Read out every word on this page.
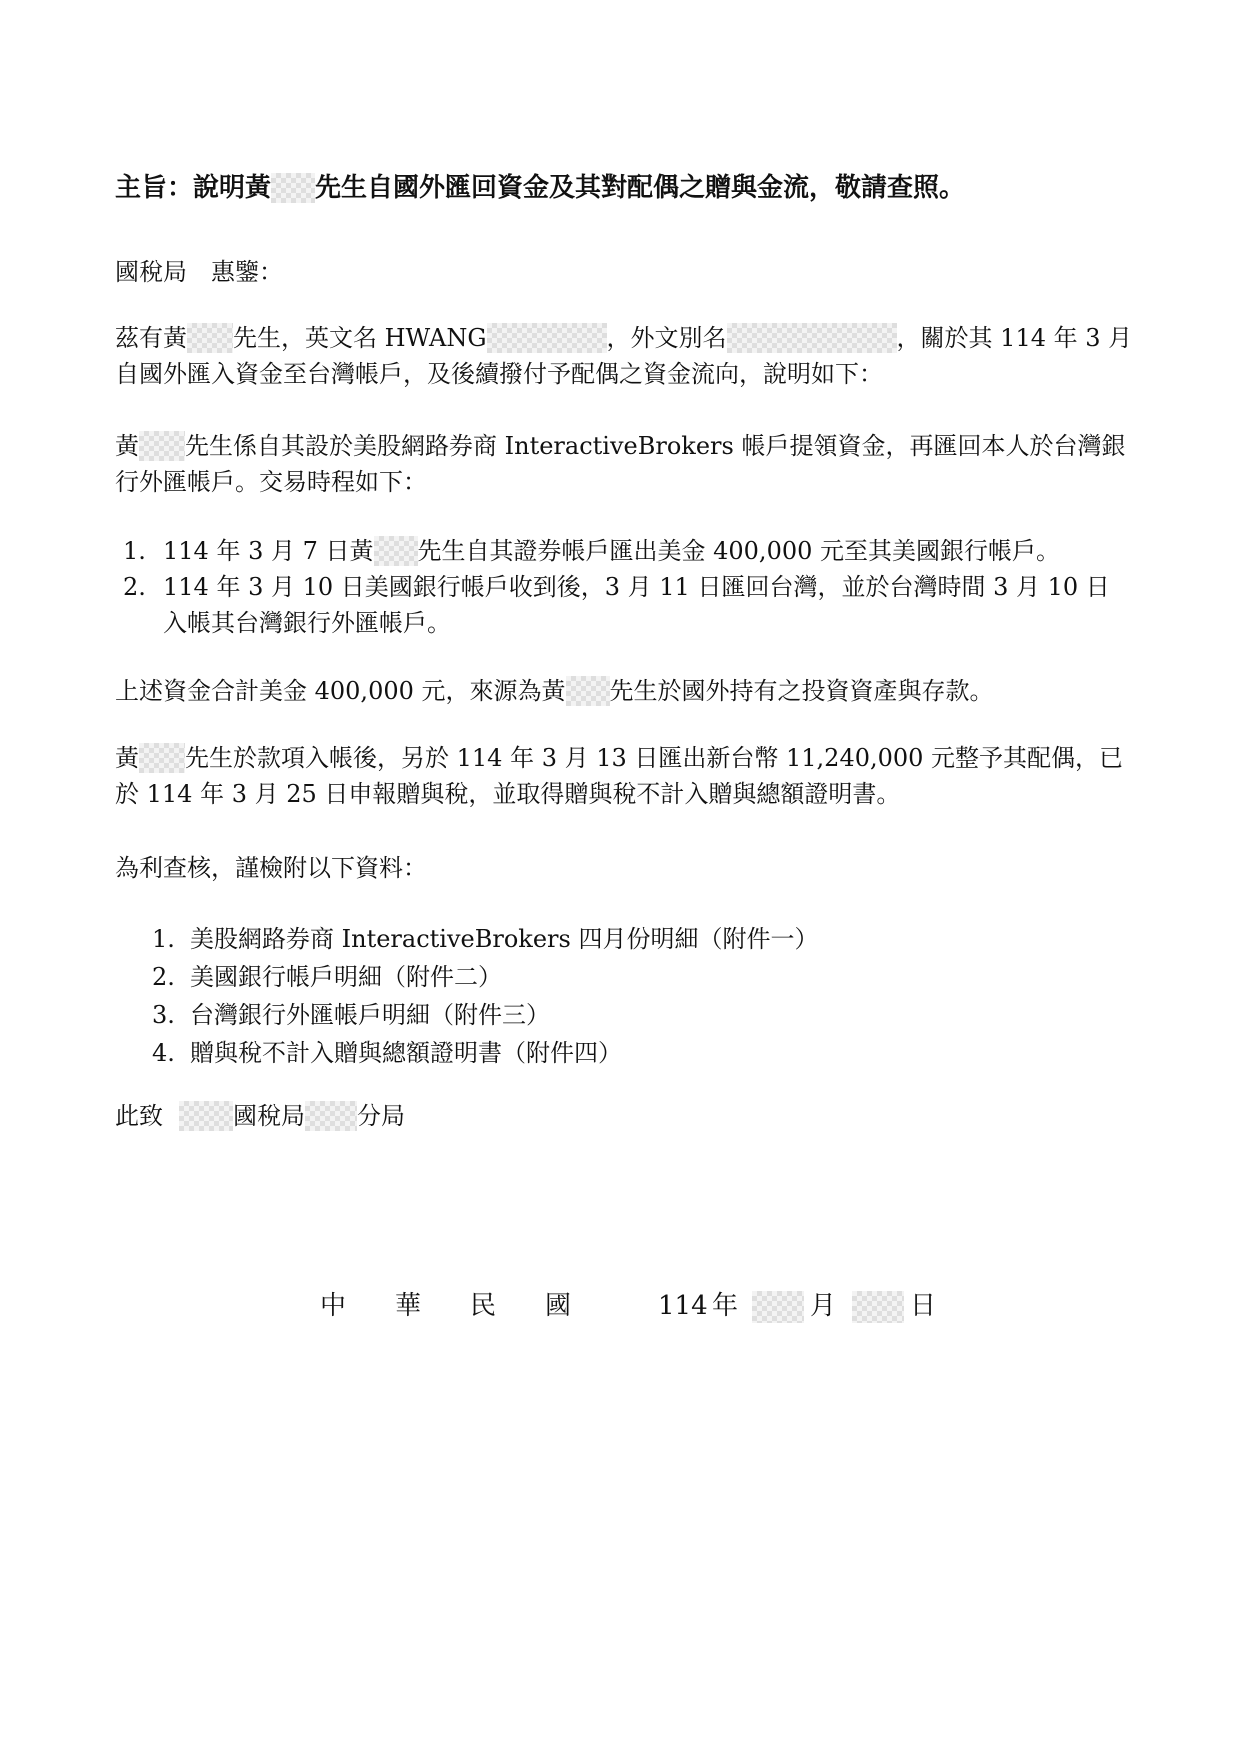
主旨：說明黃 先生自國外匯回資金及其對配偶之贈與金流，敬請查照。
國稅局　惠鑒：
茲有黃 先生，英文名 HWANG	，外文別名	，關於其 114 年 3 月自國外匯入資金至台灣帳戶，及後續撥付予配偶之資金流向，說明如下：
黃 先生係自其設於美股網路券商 InteractiveBrokers 帳戶提領資金，再匯回本人於台灣銀行外匯帳戶。交易時程如下：
1. 114 年 3 月 7 日黃 先生自其證券帳戶匯出美金 400,000 元至其美國銀行帳戶。
2. 114 年 3 月 10 日美國銀行帳戶收到後，3 月 11 日匯回台灣，並於台灣時間 3 月 10 日入帳其台灣銀行外匯帳戶。
上述資金合計美金 400,000 元，來源為黃 先生於國外持有之投資資產與存款。
黃 先生於款項入帳後，另於 114 年 3 月 13 日匯出新台幣 11,240,000 元整予其配偶，已於 114 年 3 月 25 日申報贈與稅，並取得贈與稅不計入贈與總額證明書。
為利查核，謹檢附以下資料：
1. 美股網路券商 InteractiveBrokers 四月份明細（附件一）
2. 美國銀行帳戶明細（附件二）
3. 台灣銀行外匯帳戶明細（附件三）
4. 贈與稅不計入贈與總額證明書（附件四）
此致	國稅局 分局
中 華 民 國	114 年	月	日
